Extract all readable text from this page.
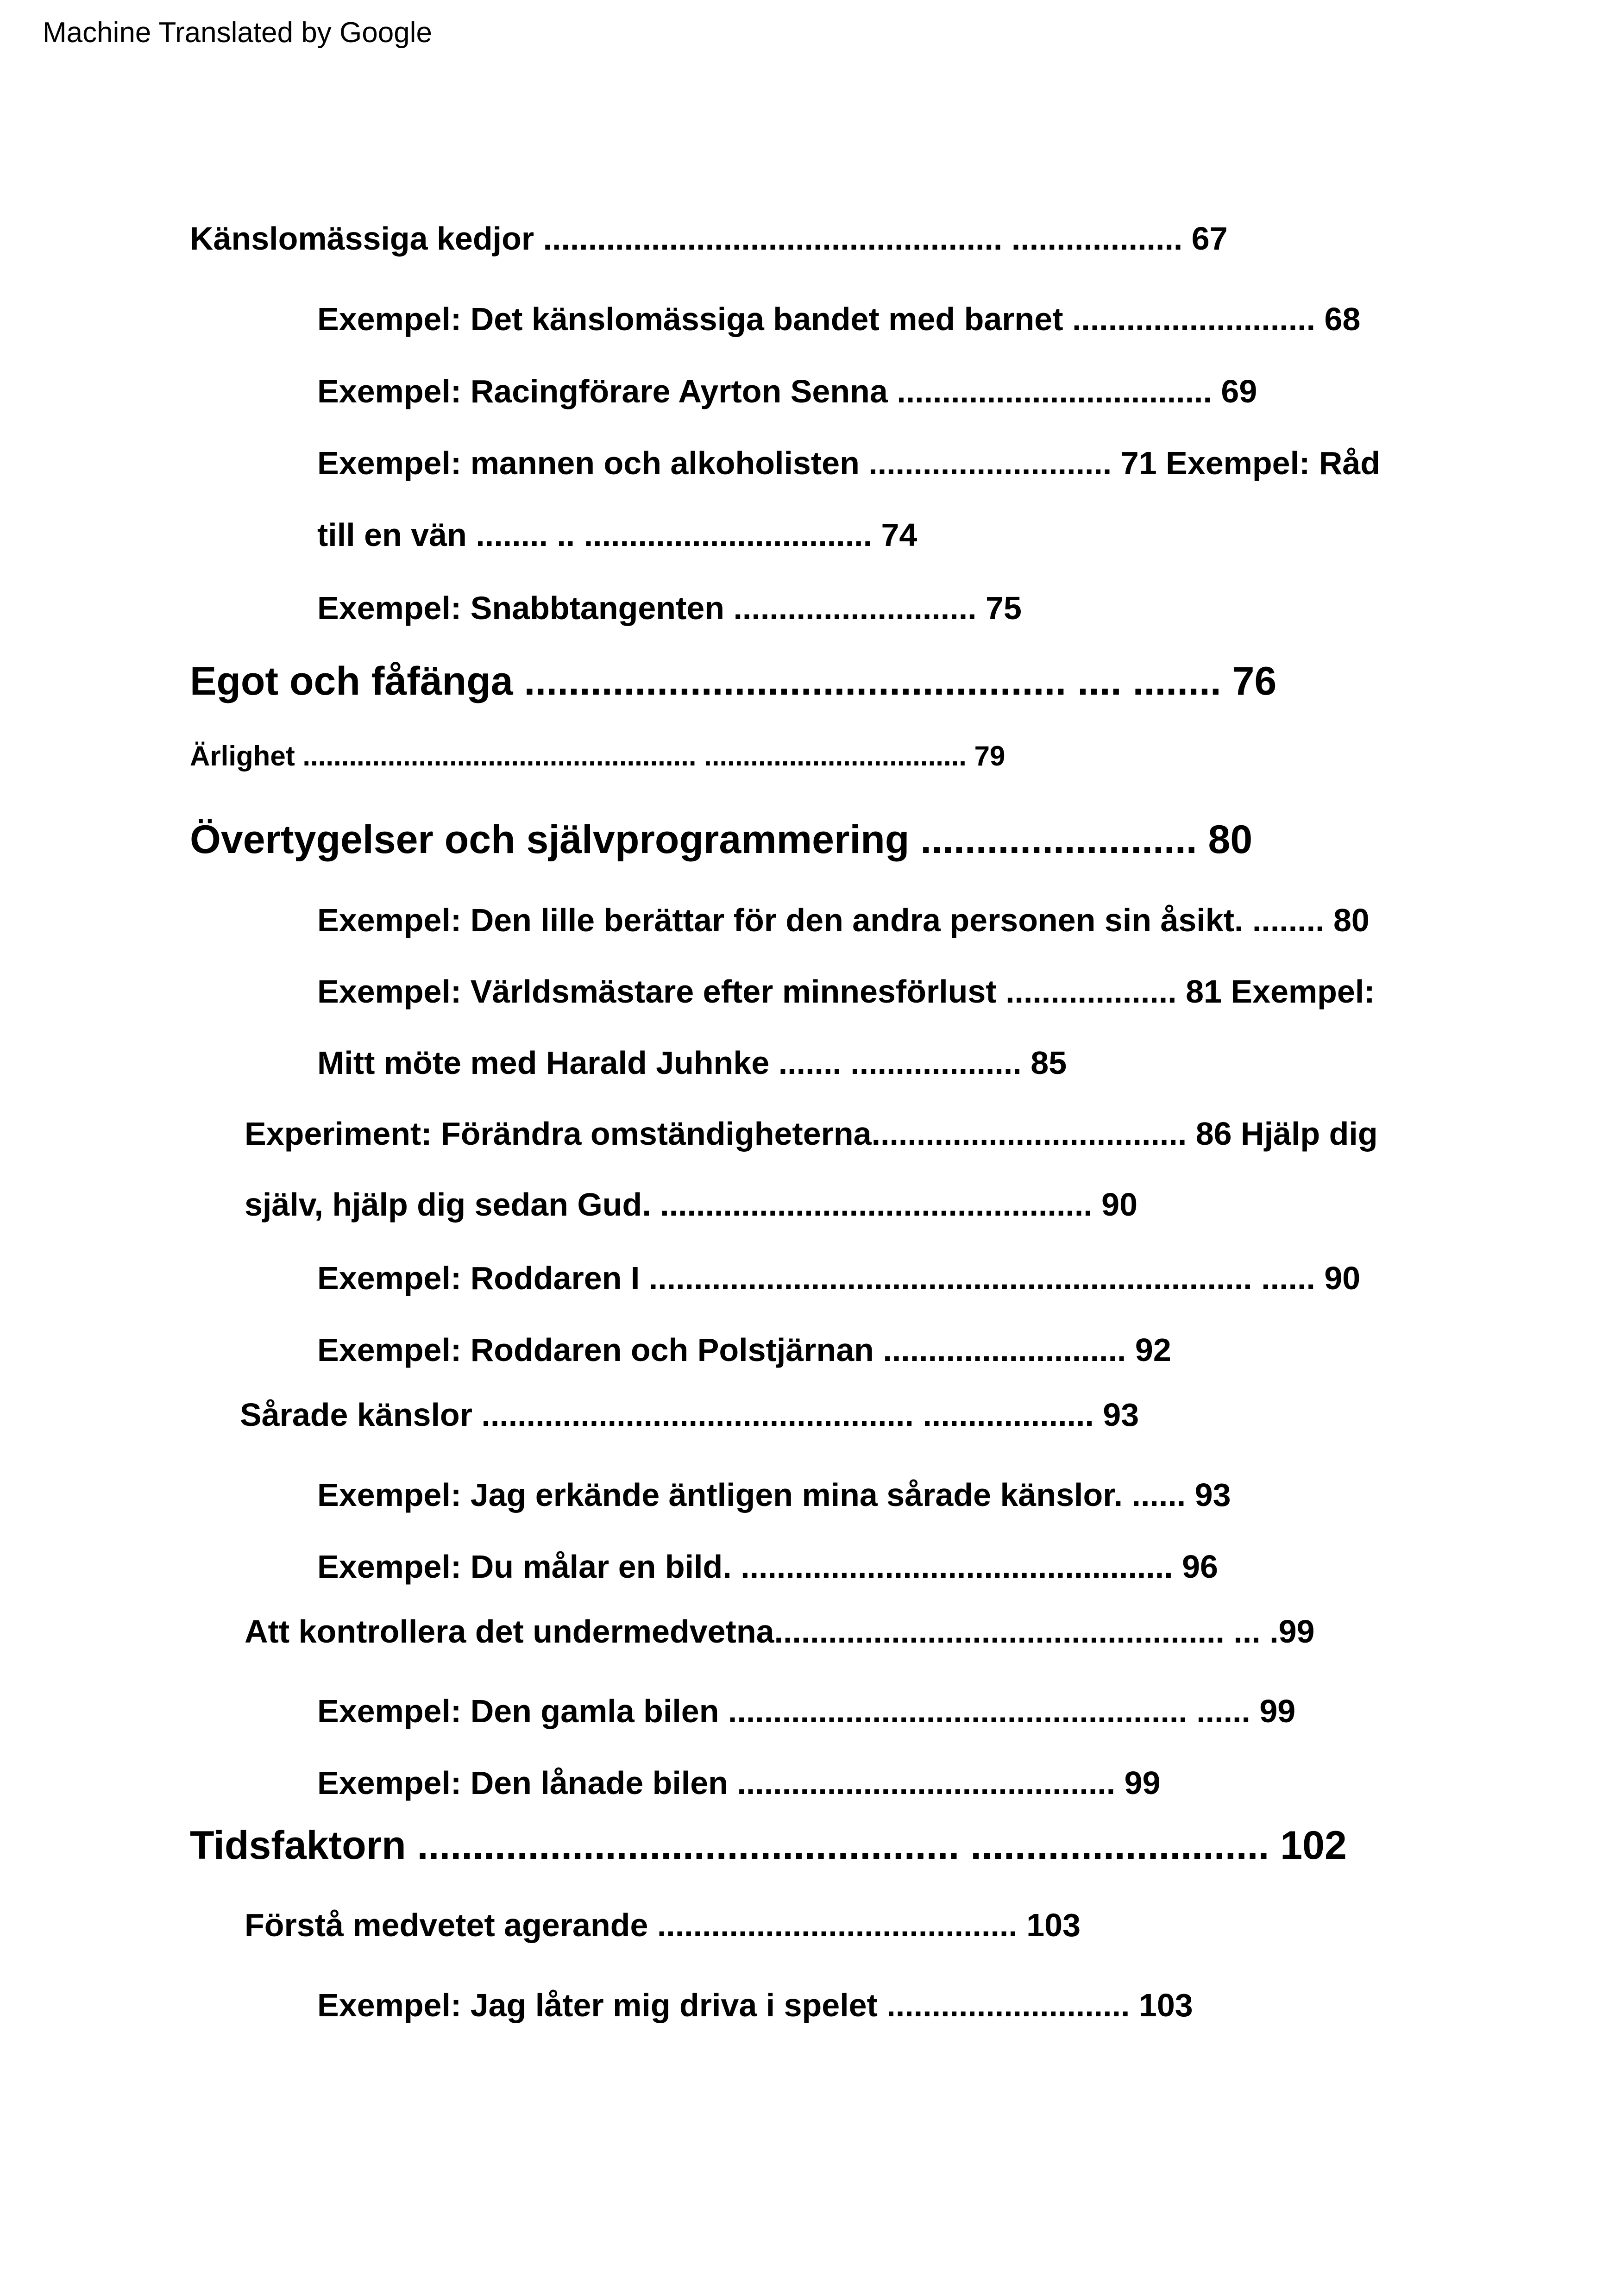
Machine Translated by Google
Känslomässiga kedjor ................................................... ................... 67
Exempel: Det känslomässiga bandet med barnet ........................... 68
Exempel: Racingförare Ayrton Senna ................................... 69
Exempel: mannen och alkoholisten ........................... 71 Exempel: Råd
till en vän ........ .. ................................ 74
Exempel: Snabbtangenten ........................... 75
Egot och fåfänga ................................................. .... ........ 76
Ärlighet ................................................... .................................. 79
Övertygelser och självprogrammering ......................... 80
Exempel: Den lille berättar för den andra personen sin åsikt. ........ 80
Exempel: Världsmästare efter minnesförlust ................... 81 Exempel:
Mitt möte med Harald Juhnke ....... ................... 85
Experiment: Förändra omständigheterna................................... 86 Hjälp dig
själv, hjälp dig sedan Gud. ................................................ 90
Exempel: Roddaren I ................................................................... ...... 90
Exempel: Roddaren och Polstjärnan ........................... 92
Sårade känslor ................................................ ................... 93
Exempel: Jag erkände äntligen mina sårade känslor. ...... 93
Exempel: Du målar en bild. ................................................ 96
Att kontrollera det undermedvetna.................................................. ... .99
Exempel: Den gamla bilen ................................................... ...... 99
Exempel: Den lånade bilen .......................................... 99
Tidsfaktorn ................................................. ........................... 102
Förstå medvetet agerande ........................................ 103
Exempel: Jag låter mig driva i spelet ........................... 103
